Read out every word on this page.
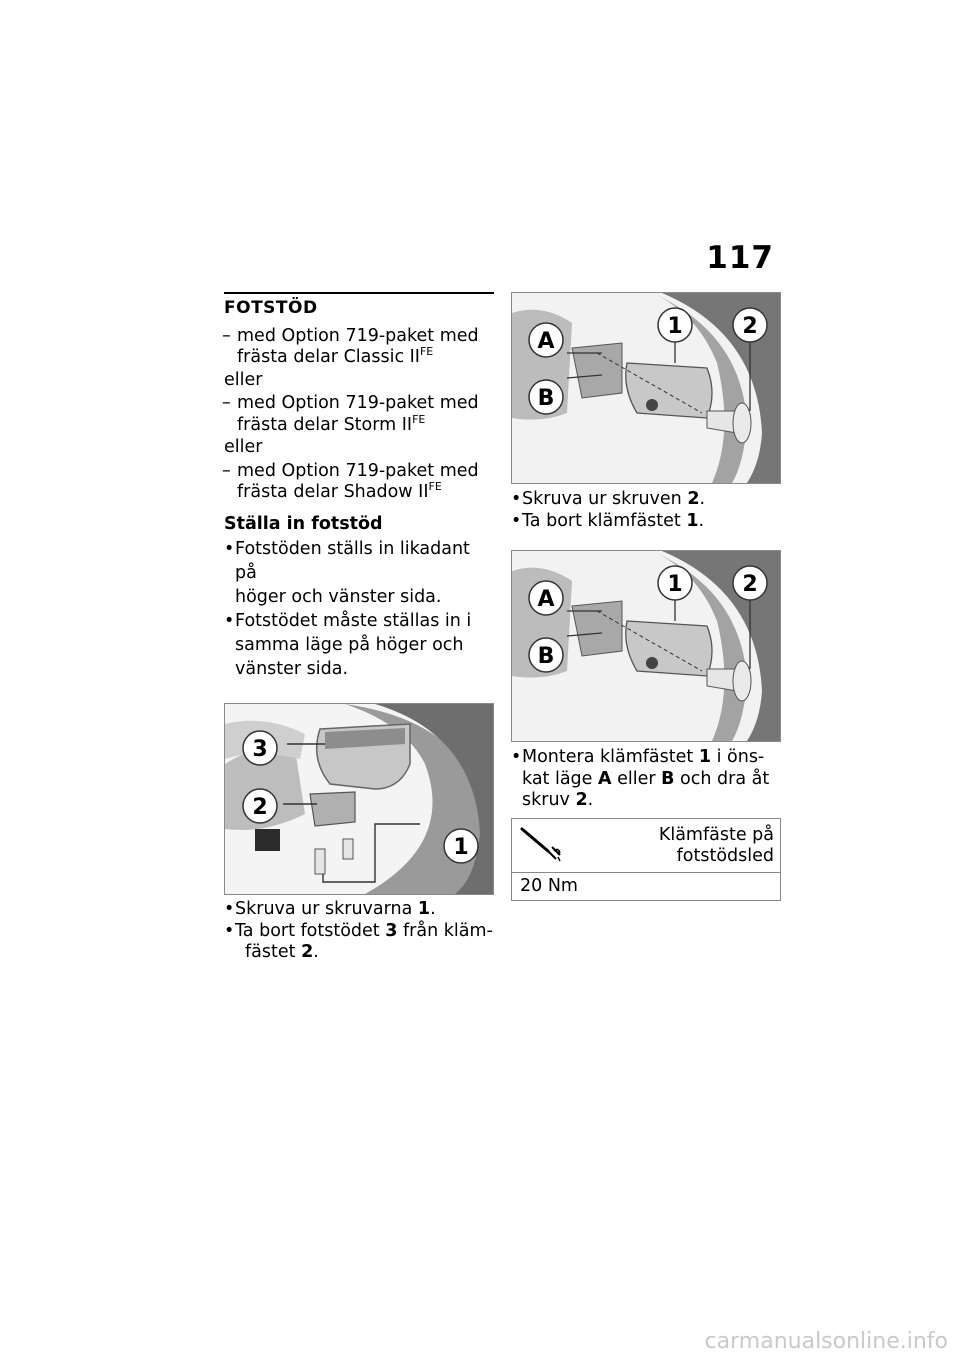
117
FOTSTÖD
– med Option 719-paket med
frästa delar Classic $II^{FE}$
eller
– med Option 719-paket med
frästa delar Storm $II^{FE}$
eller
– med Option 719-paket med
frästa delar Shadow $II^{FE}$
Ställa in fotstöd
• Fotstöden ställs in likadant på
höger och vänster sida.
• Fotstödet måste ställas in i
samma läge på höger och
vänster sida.
3
2
1
• Skruva ur skruvarna 1.
• Ta bort fotstödet 3 från kläm-
fästet 2.
A
B
1	2
• Skruva ur skruven 2.
• Ta bort klämfästet 1.
A
B
1	2
• Montera klämfästet 1 i öns-
kat läge A eller B och dra åt
skruv 2.
Klämfäste på fotstödsled
20 Nm
carmanualsonline.info
